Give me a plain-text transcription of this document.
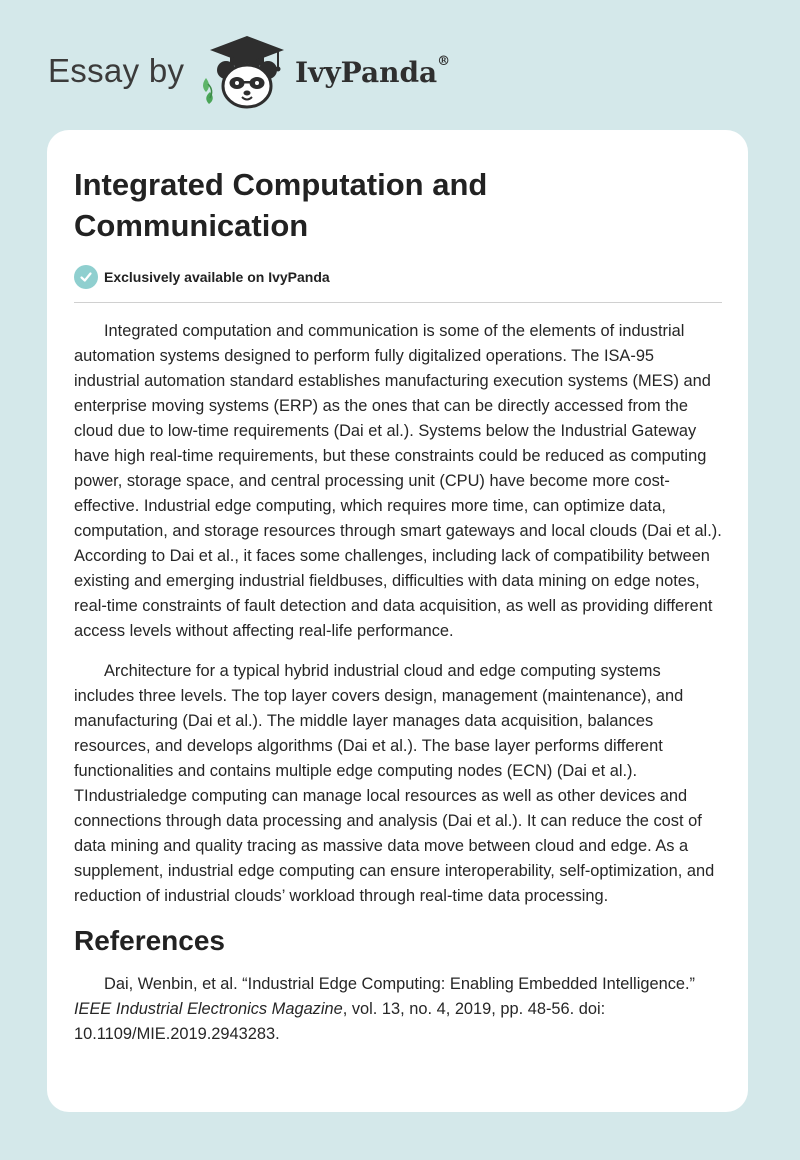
Essay by	IvyPanda®
Integrated Computation and Communication
Exclusively available on IvyPanda

Integrated computation and communication is some of the elements of industrial automation systems designed to perform fully digitalized operations. The ISA-95 industrial automation standard establishes manufacturing execution systems (MES) and enterprise moving systems (ERP) as the ones that can be directly accessed from the cloud due to low-time requirements (Dai et al.). Systems below the Industrial Gateway have high real-time requirements, but these constraints could be reduced as computing power, storage space, and central processing unit (CPU) have become more cost-effective. Industrial edge computing, which requires more time, can optimize data, computation, and storage resources through smart gateways and local clouds (Dai et al.). According to Dai et al., it faces some challenges, including lack of compatibility between existing and emerging industrial fieldbuses, difficulties with data mining on edge notes, real-time constraints of fault detection and data acquisition, as well as providing different access levels without affecting real-life performance.

Architecture for a typical hybrid industrial cloud and edge computing systems includes three levels. The top layer covers design, management (maintenance), and manufacturing (Dai et al.). The middle layer manages data acquisition, balances resources, and develops algorithms (Dai et al.). The base layer performs different functionalities and contains multiple edge computing nodes (ECN) (Dai et al.). TIndustrialedge computing can manage local resources as well as other devices and connections through data processing and analysis (Dai et al.). It can reduce the cost of data mining and quality tracing as massive data move between cloud and edge. As a supplement, industrial edge computing can ensure interoperability, self-optimization, and reduction of industrial clouds’ workload through real-time data processing.

References

Dai, Wenbin, et al. “Industrial Edge Computing: Enabling Embedded Intelligence.” IEEE Industrial Electronics Magazine, vol. 13, no. 4, 2019, pp. 48-56. doi: 10.1109/MIE.2019.2943283.
